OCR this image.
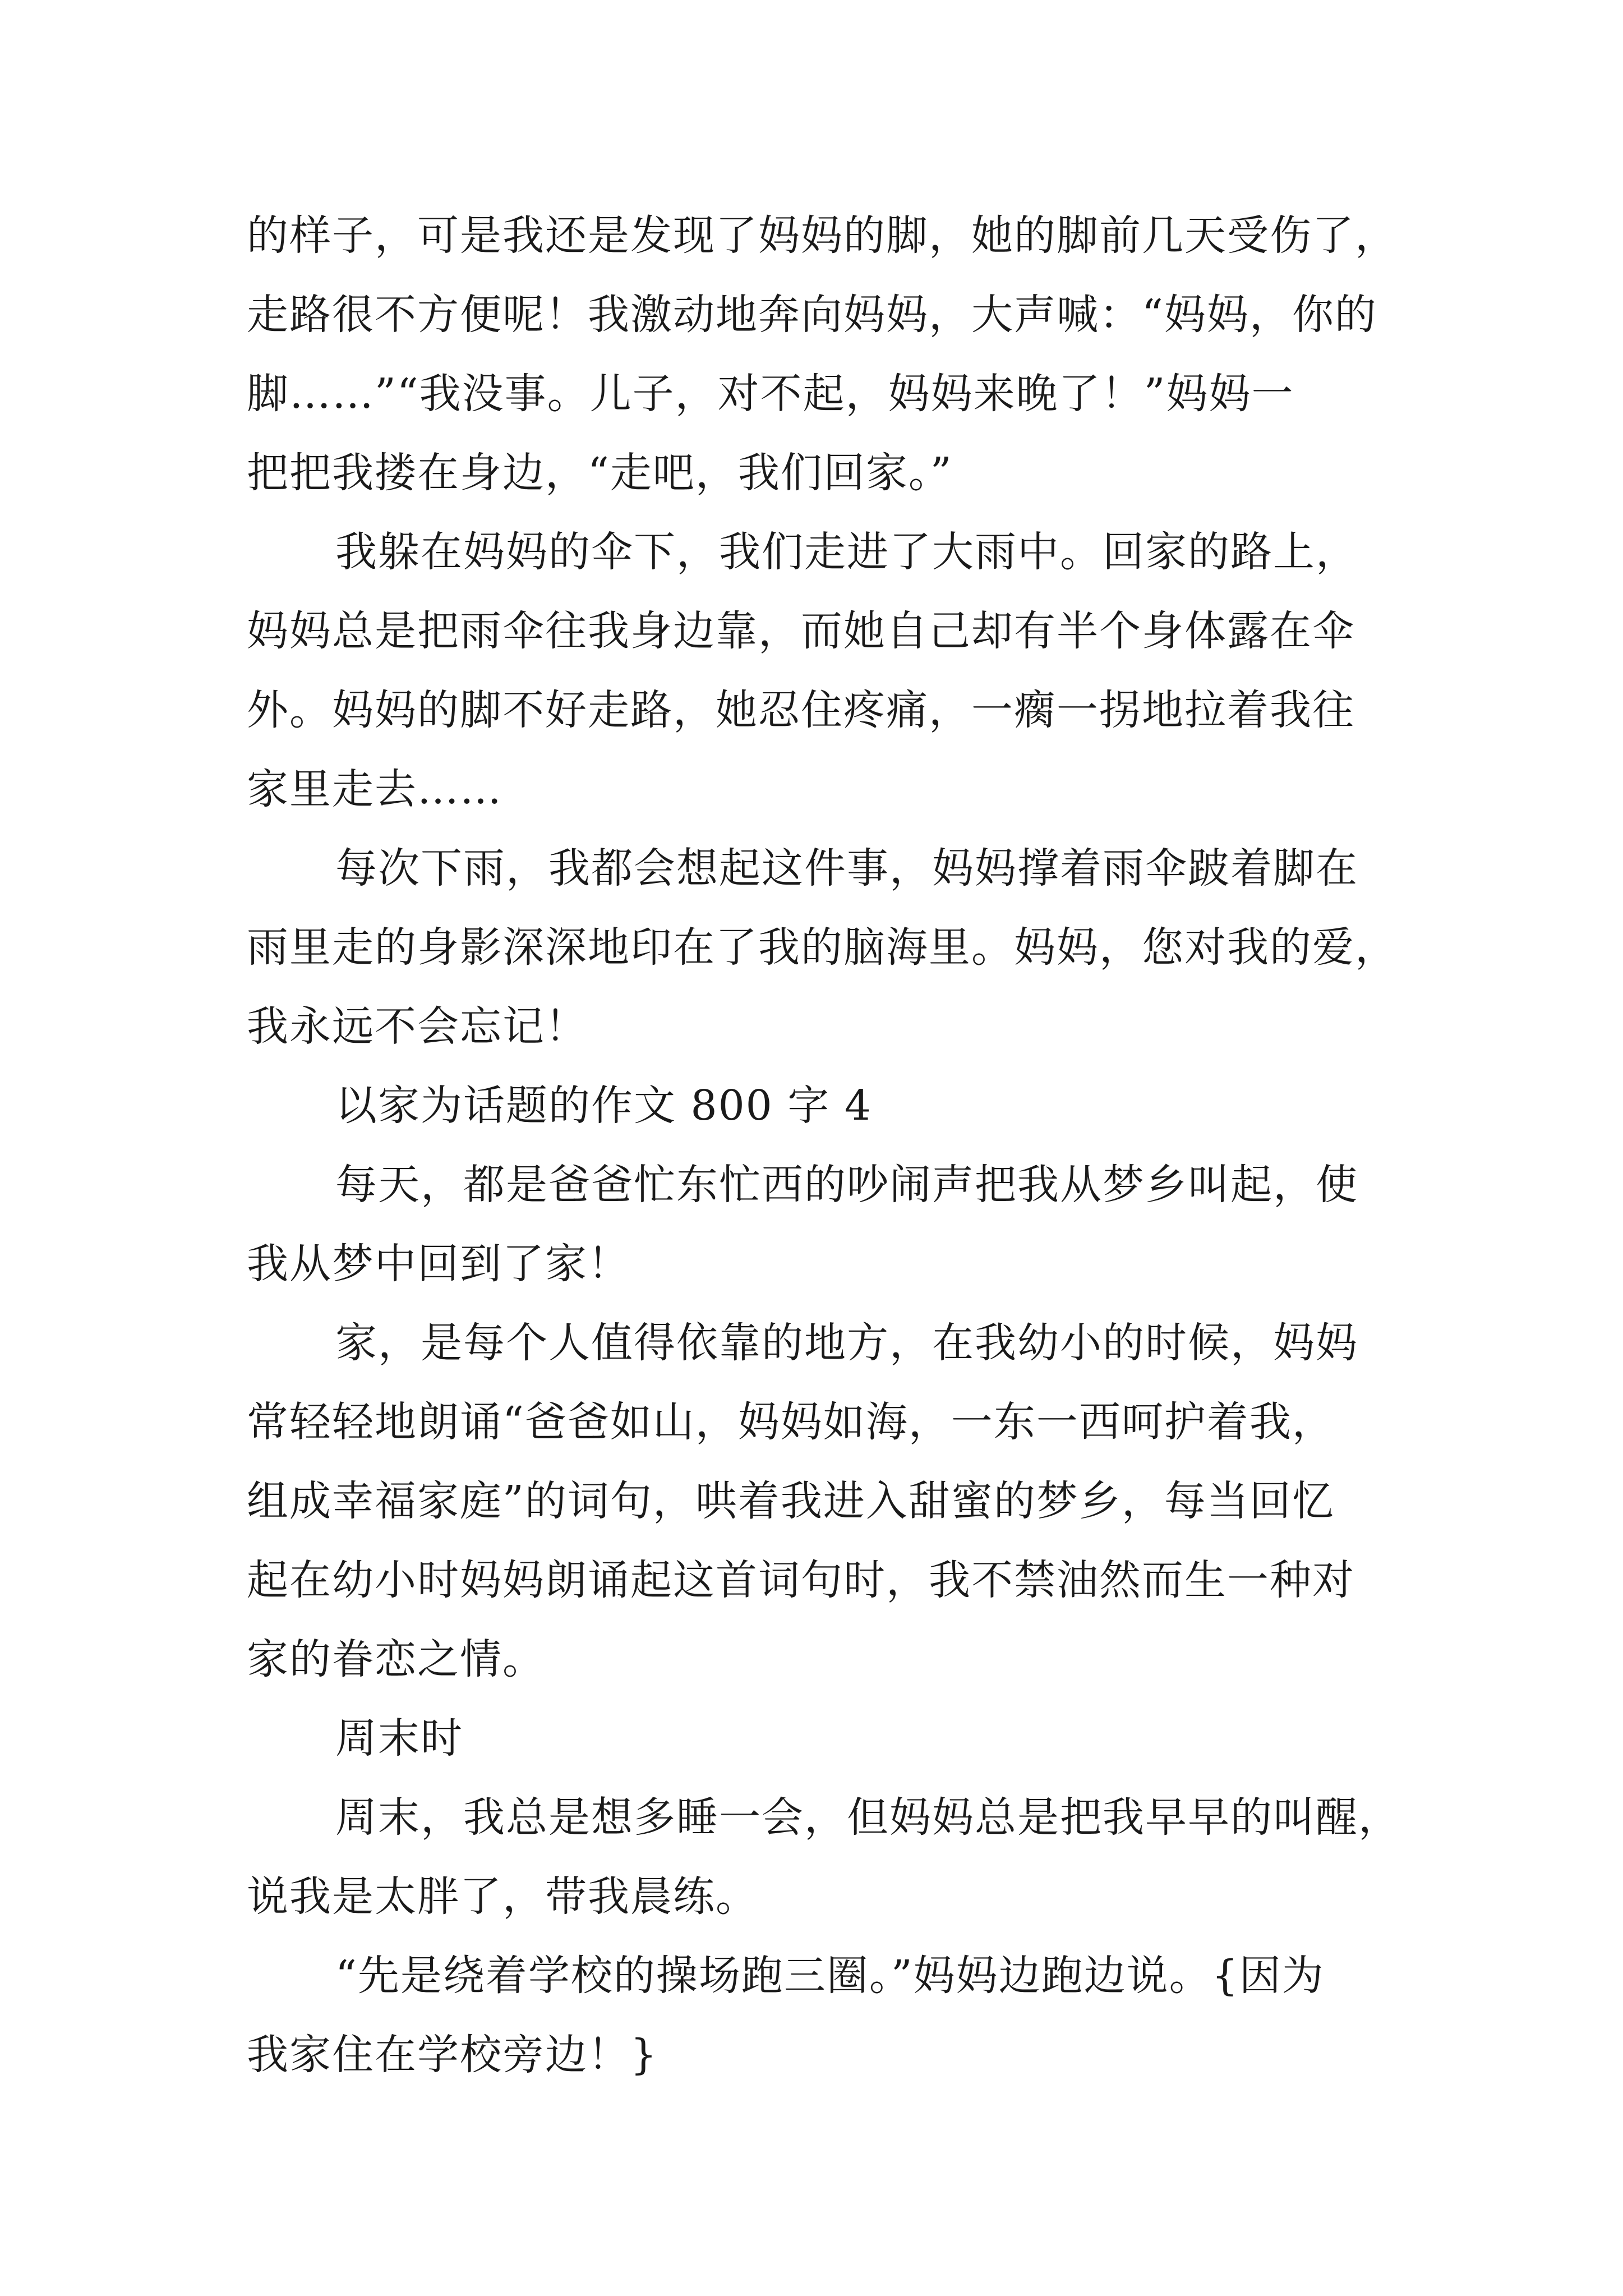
的样子，可是我还是发现了妈妈的脚，她的脚前几天受伤了，
走路很不方便呢！我激动地奔向妈妈，大声喊：“妈妈，你的
脚……”“我没事。儿子，对不起，妈妈来晚了！”妈妈一
把把我搂在身边，“走吧，我们回家。”

我躲在妈妈的伞下，我们走进了大雨中。回家的路上，
妈妈总是把雨伞往我身边靠，而她自己却有半个身体露在伞
外。妈妈的脚不好走路，她忍住疼痛，一瘸一拐地拉着我往
家里走去……

每次下雨，我都会想起这件事，妈妈撑着雨伞跛着脚在
雨里走的身影深深地印在了我的脑海里。妈妈，您对我的爱，
我永远不会忘记！

以家为话题的作文 800 字 4

每天，都是爸爸忙东忙西的吵闹声把我从梦乡叫起，使
我从梦中回到了家！

家，是每个人值得依靠的地方，在我幼小的时候，妈妈
常轻轻地朗诵“爸爸如山，妈妈如海，一东一西呵护着我，
组成幸福家庭”的词句，哄着我进入甜蜜的梦乡，每当回忆
起在幼小时妈妈朗诵起这首词句时，我不禁油然而生一种对
家的眷恋之情。

周末时

周末，我总是想多睡一会，但妈妈总是把我早早的叫醒，
说我是太胖了，带我晨练。

“先是绕着学校的操场跑三圈。”妈妈边跑边说。{因为
我家住在学校旁边！}
